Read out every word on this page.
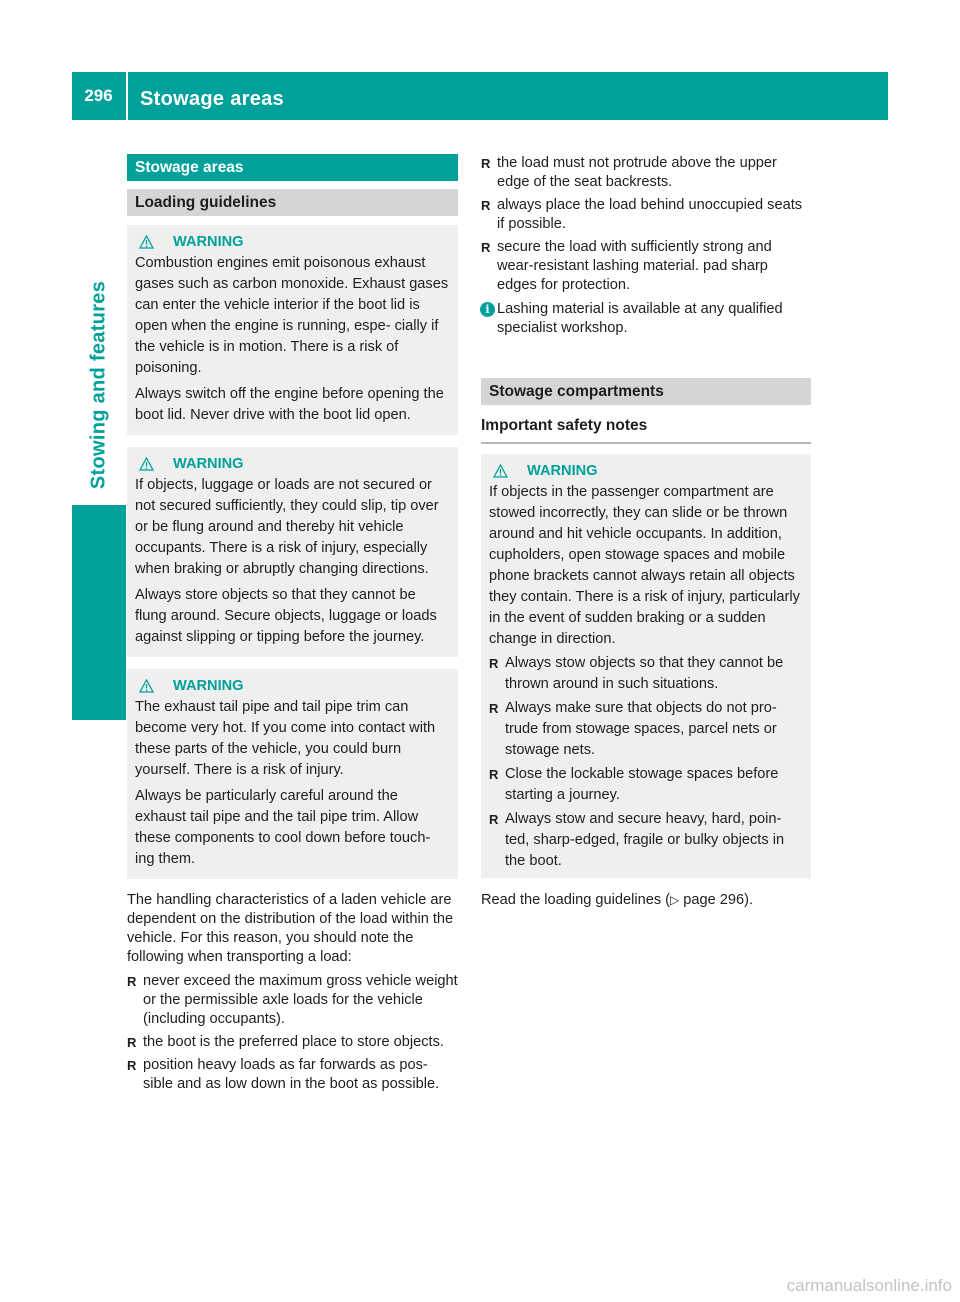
296	Stowage areas
Stowing and features
Stowage areas
Loading guidelines
WARNING

Combustion engines emit poisonous exhaust gases such as carbon monoxide. Exhaust gases can enter the vehicle interior if the boot lid is open when the engine is running, espe- cially if the vehicle is in motion. There is a risk of poisoning.

Always switch off the engine before opening the boot lid. Never drive with the boot lid open.

WARNING

If objects, luggage or loads are not secured or not secured sufficiently, they could slip, tip over or be flung around and thereby hit vehicle occupants. There is a risk of injury, especially when braking or abruptly changing directions.

Always store objects so that they cannot be flung around. Secure objects, luggage or loads against slipping or tipping before the journey.

WARNING

The exhaust tail pipe and tail pipe trim can become very hot. If you come into contact with these parts of the vehicle, you could burn yourself. There is a risk of injury.

Always be particularly careful around the exhaust tail pipe and the tail pipe trim. Allow these components to cool down before touch- ing them.

The handling characteristics of a laden vehicle are dependent on the distribution of the load within the vehicle. For this reason, you should note the following when transporting a load:

R never exceed the maximum gross vehicle weight or the permissible axle loads for the vehicle (including occupants).
R the boot is the preferred place to store objects.
R position heavy loads as far forwards as pos- sible and as low down in the boot as possible.
R the load must not protrude above the upper edge of the seat backrests.
R always place the load behind unoccupied seats if possible.
R secure the load with sufficiently strong and wear-resistant lashing material. pad sharp edges for protection.
i Lashing material is available at any qualified specialist workshop.
Stowage compartments
Important safety notes
WARNING

If objects in the passenger compartment are stowed incorrectly, they can slide or be thrown around and hit vehicle occupants. In addition, cupholders, open stowage spaces and mobile phone brackets cannot always retain all objects they contain. There is a risk of injury, particularly in the event of sudden braking or a sudden change in direction.

R Always stow objects so that they cannot be thrown around in such situations.
R Always make sure that objects do not pro- trude from stowage spaces, parcel nets or stowage nets.
R Close the lockable stowage spaces before starting a journey.
R Always stow and secure heavy, hard, poin- ted, sharp-edged, fragile or bulky objects in the boot.

Read the loading guidelines (▷ page 296).

carmanualsonline.info
